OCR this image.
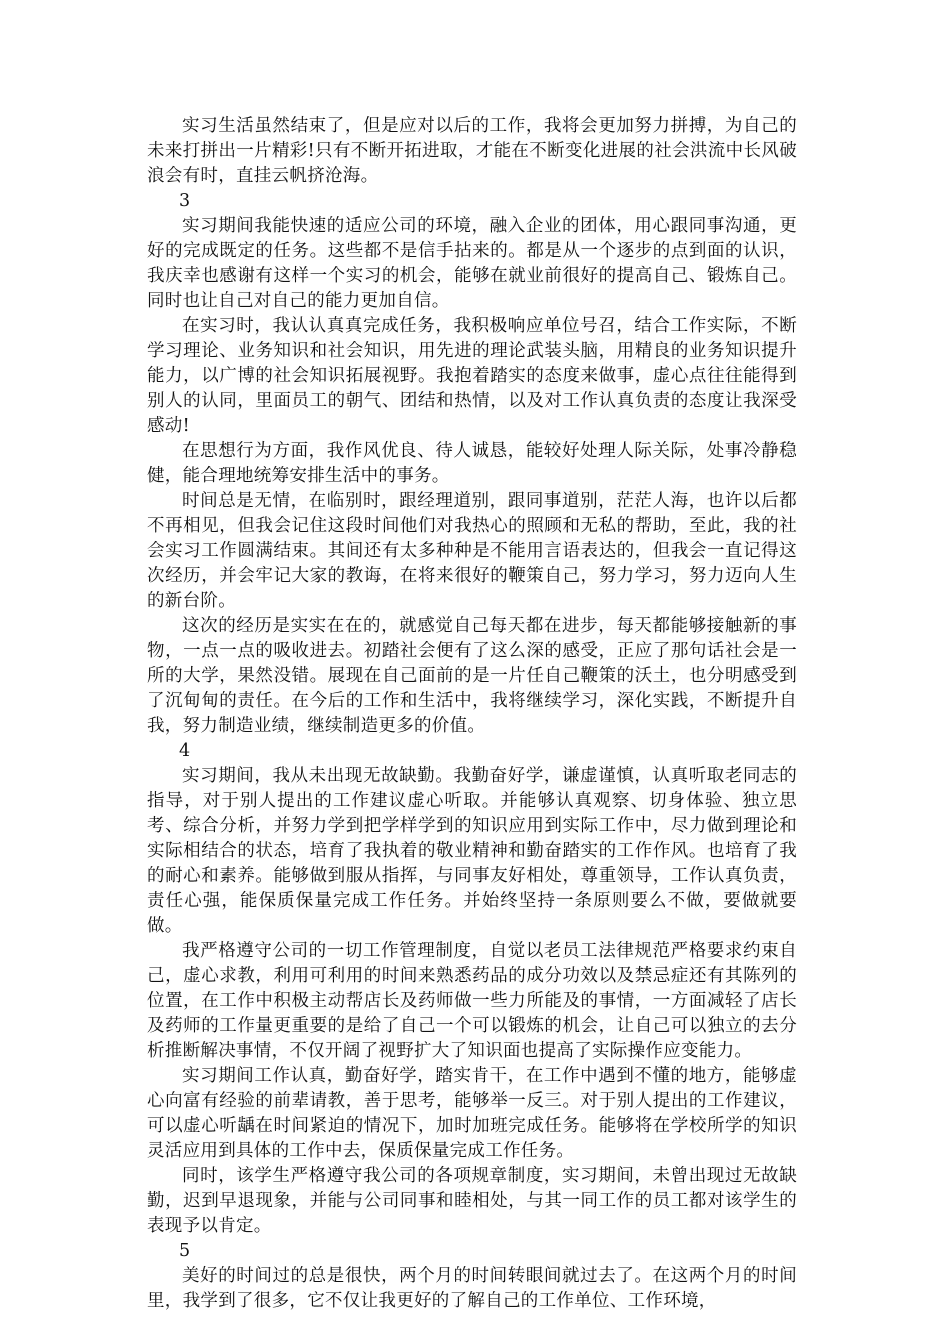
实习生活虽然结束了，但是应对以后的工作，我将会更加努力拼搏，为自己的未来打拼出一片精彩!只有不断开拓进取，才能在不断变化进展的社会洪流中长风破浪会有时，直挂云帆挤沧海。

3

实习期间我能快速的适应公司的环境，融入企业的团体，用心跟同事沟通，更好的完成既定的任务。这些都不是信手拈来的。都是从一个逐步的点到面的认识，我庆幸也感谢有这样一个实习的机会，能够在就业前很好的提高自己、锻炼自己。同时也让自己对自己的能力更加自信。

在实习时，我认认真真完成任务，我积极响应单位号召，结合工作实际，不断学习理论、业务知识和社会知识，用先进的理论武装头脑，用精良的业务知识提升能力，以广博的社会知识拓展视野。我抱着踏实的态度来做事，虚心点往往能得到别人的认同，里面员工的朝气、团结和热情，以及对工作认真负责的态度让我深受感动!

在思想行为方面，我作风优良、待人诚恳，能较好处理人际关际，处事冷静稳健，能合理地统筹安排生活中的事务。

时间总是无情，在临别时，跟经理道别，跟同事道别，茫茫人海，也许以后都不再相见，但我会记住这段时间他们对我热心的照顾和无私的帮助，至此，我的社会实习工作圆满结束。其间还有太多种种是不能用言语表达的，但我会一直记得这次经历，并会牢记大家的教诲，在将来很好的鞭策自己，努力学习，努力迈向人生的新台阶。

这次的经历是实实在在的，就感觉自己每天都在进步，每天都能够接触新的事物，一点一点的吸收进去。初踏社会便有了这么深的感受，正应了那句话社会是一所的大学，果然没错。展现在自己面前的是一片任自己鞭策的沃土，也分明感受到了沉甸甸的责任。在今后的工作和生活中，我将继续学习，深化实践，不断提升自我，努力制造业绩，继续制造更多的价值。

4

实习期间，我从未出现无故缺勤。我勤奋好学，谦虚谨慎，认真听取老同志的指导，对于别人提出的工作建议虚心听取。并能够认真观察、切身体验、独立思考、综合分析，并努力学到把学样学到的知识应用到实际工作中，尽力做到理论和实际相结合的状态，培育了我执着的敬业精神和勤奋踏实的工作作风。也培育了我的耐心和素养。能够做到服从指挥，与同事友好相处，尊重领导，工作认真负责，责任心强，能保质保量完成工作任务。并始终坚持一条原则要么不做，要做就要做。

我严格遵守公司的一切工作管理制度，自觉以老员工法律规范严格要求约束自己，虚心求教，利用可利用的时间来熟悉药品的成分功效以及禁忌症还有其陈列的位置，在工作中积极主动帮店长及药师做一些力所能及的事情，一方面减轻了店长及药师的工作量更重要的是给了自己一个可以锻炼的机会，让自己可以独立的去分析推断解决事情，不仅开阔了视野扩大了知识面也提高了实际操作应变能力。

实习期间工作认真，勤奋好学，踏实肯干，在工作中遇到不懂的地方，能够虚心向富有经验的前辈请教，善于思考，能够举一反三。对于别人提出的工作建议，可以虚心听龋在时间紧迫的情况下，加时加班完成任务。能够将在学校所学的知识灵活应用到具体的工作中去，保质保量完成工作任务。

同时，该学生严格遵守我公司的各项规章制度，实习期间，未曾出现过无故缺勤，迟到早退现象，并能与公司同事和睦相处，与其一同工作的员工都对该学生的表现予以肯定。

5

美好的时间过的总是很快，两个月的时间转眼间就过去了。在这两个月的时间里，我学到了很多，它不仅让我更好的了解自己的工作单位、工作环境，
